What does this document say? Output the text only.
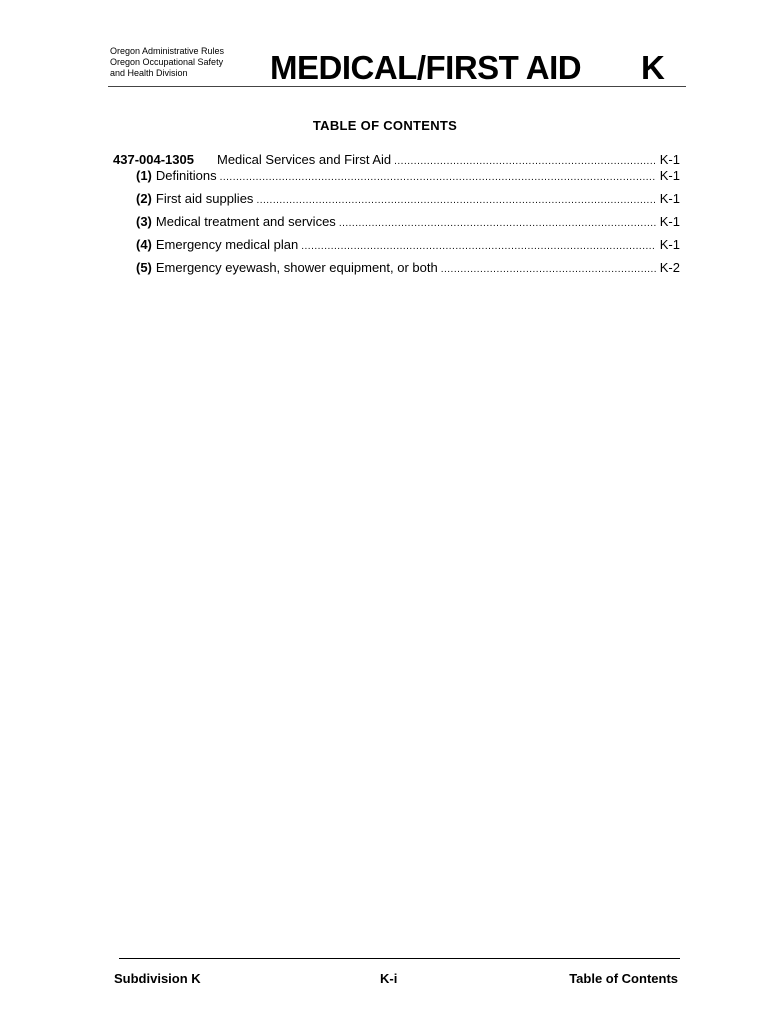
Oregon Administrative Rules
Oregon Occupational Safety
and Health Division	MEDICAL/FIRST AID K
TABLE OF CONTENTS
437-004-1305	Medical Services and First Aid .....	K-1
(1) Definitions .....	K-1
(2) First aid supplies .....	K-1
(3) Medical treatment and services .....	K-1
(4) Emergency medical plan .....	K-1
(5) Emergency eyewash, shower equipment, or both .....	K-2
Subdivision K	K-i	Table of Contents
